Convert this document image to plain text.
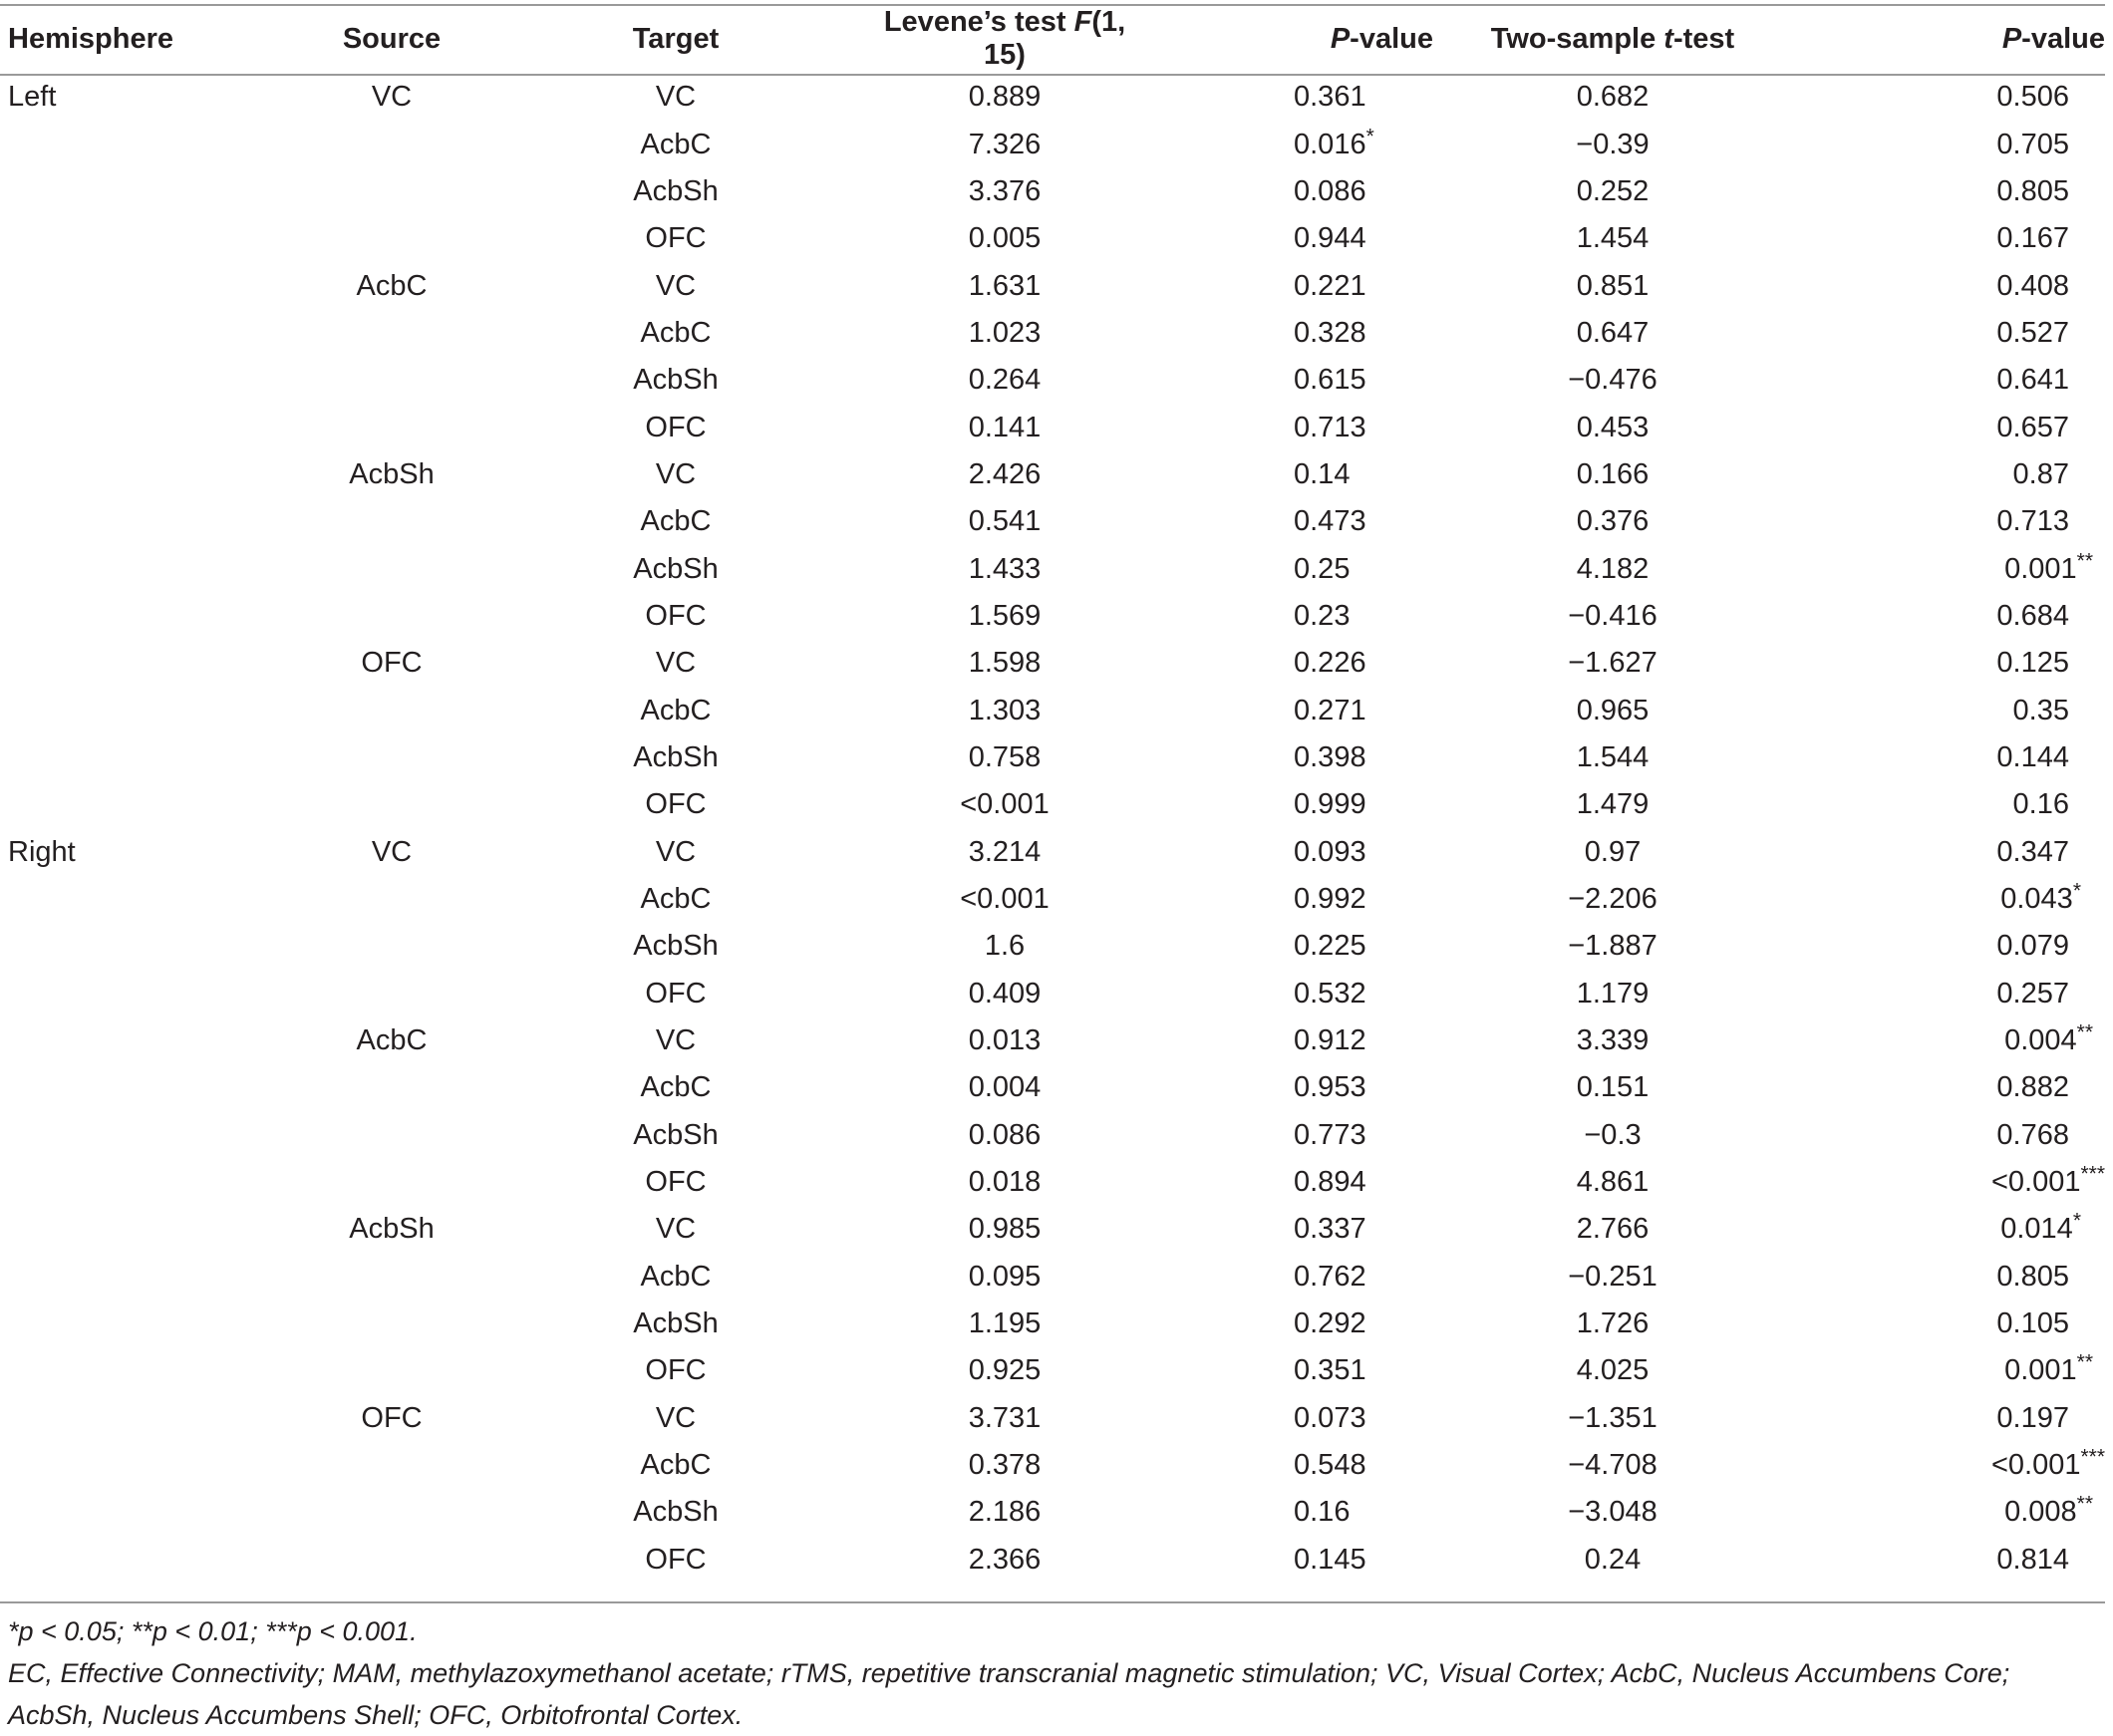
Hemisphere	Source	Target	Levene’s test F(1, 15)	P-value	Two-sample t-test	P-value
Left	VC	VC	0.889	0.361	0.682	0.506
		AcbC	7.326	0.016*	−0.39	0.705
		AcbSh	3.376	0.086	0.252	0.805
		OFC	0.005	0.944	1.454	0.167
	AcbC	VC	1.631	0.221	0.851	0.408
		AcbC	1.023	0.328	0.647	0.527
		AcbSh	0.264	0.615	−0.476	0.641
		OFC	0.141	0.713	0.453	0.657
	AcbSh	VC	2.426	0.14	0.166	0.87
		AcbC	0.541	0.473	0.376	0.713
		AcbSh	1.433	0.25	4.182	0.001**
		OFC	1.569	0.23	−0.416	0.684
	OFC	VC	1.598	0.226	−1.627	0.125
		AcbC	1.303	0.271	0.965	0.35
		AcbSh	0.758	0.398	1.544	0.144
		OFC	<0.001	0.999	1.479	0.16
Right	VC	VC	3.214	0.093	0.97	0.347
		AcbC	<0.001	0.992	−2.206	0.043*
		AcbSh	1.6	0.225	−1.887	0.079
		OFC	0.409	0.532	1.179	0.257
	AcbC	VC	0.013	0.912	3.339	0.004**
		AcbC	0.004	0.953	0.151	0.882
		AcbSh	0.086	0.773	−0.3	0.768
		OFC	0.018	0.894	4.861	<0.001***
	AcbSh	VC	0.985	0.337	2.766	0.014*
		AcbC	0.095	0.762	−0.251	0.805
		AcbSh	1.195	0.292	1.726	0.105
		OFC	0.925	0.351	4.025	0.001**
	OFC	VC	3.731	0.073	−1.351	0.197
		AcbC	0.378	0.548	−4.708	<0.001***
		AcbSh	2.186	0.16	−3.048	0.008**
		OFC	2.366	0.145	0.24	0.814
*p < 0.05; **p < 0.01; ***p < 0.001.
EC, Effective Connectivity; MAM, methylazoxymethanol acetate; rTMS, repetitive transcranial magnetic stimulation; VC, Visual Cortex; AcbC, Nucleus Accumbens Core;
AcbSh, Nucleus Accumbens Shell; OFC, Orbitofrontal Cortex.
